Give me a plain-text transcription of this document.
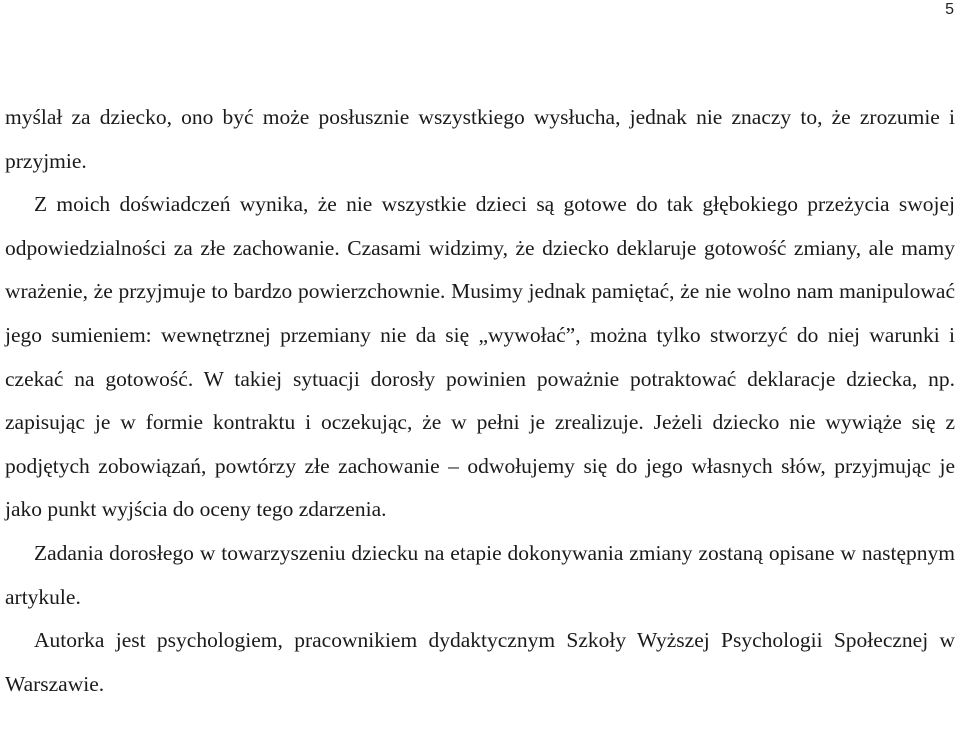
5

myślał za dziecko, ono być może posłusznie wszystkiego wysłucha, jednak nie znaczy to, że zrozumie i przyjmie.

Z moich doświadczeń wynika, że nie wszystkie dzieci są gotowe do tak głębokiego przeżycia swojej odpowiedzialności za złe zachowanie. Czasami widzimy, że dziecko deklaruje gotowość zmiany, ale mamy wrażenie, że przyjmuje to bardzo powierzchownie. Musimy jednak pamiętać, że nie wolno nam manipulować jego sumieniem: wewnętrznej przemiany nie da się „wywołać”, można tylko stworzyć do niej warunki i czekać na gotowość. W takiej sytuacji dorosły powinien poważnie potraktować deklaracje dziecka, np. zapisując je w formie kontraktu i oczekując, że w pełni je zrealizuje. Jeżeli dziecko nie wywiąże się z podjętych zobowiązań, powtórzy złe zachowanie – odwołujemy się do jego własnych słów, przyjmując je jako punkt wyjścia do oceny tego zdarzenia.

Zadania dorosłego w towarzyszeniu dziecku na etapie dokonywania zmiany zostaną opisane w następnym artykule.

Autorka jest psychologiem, pracownikiem dydaktycznym Szkoły Wyższej Psychologii Społecznej w Warszawie.
